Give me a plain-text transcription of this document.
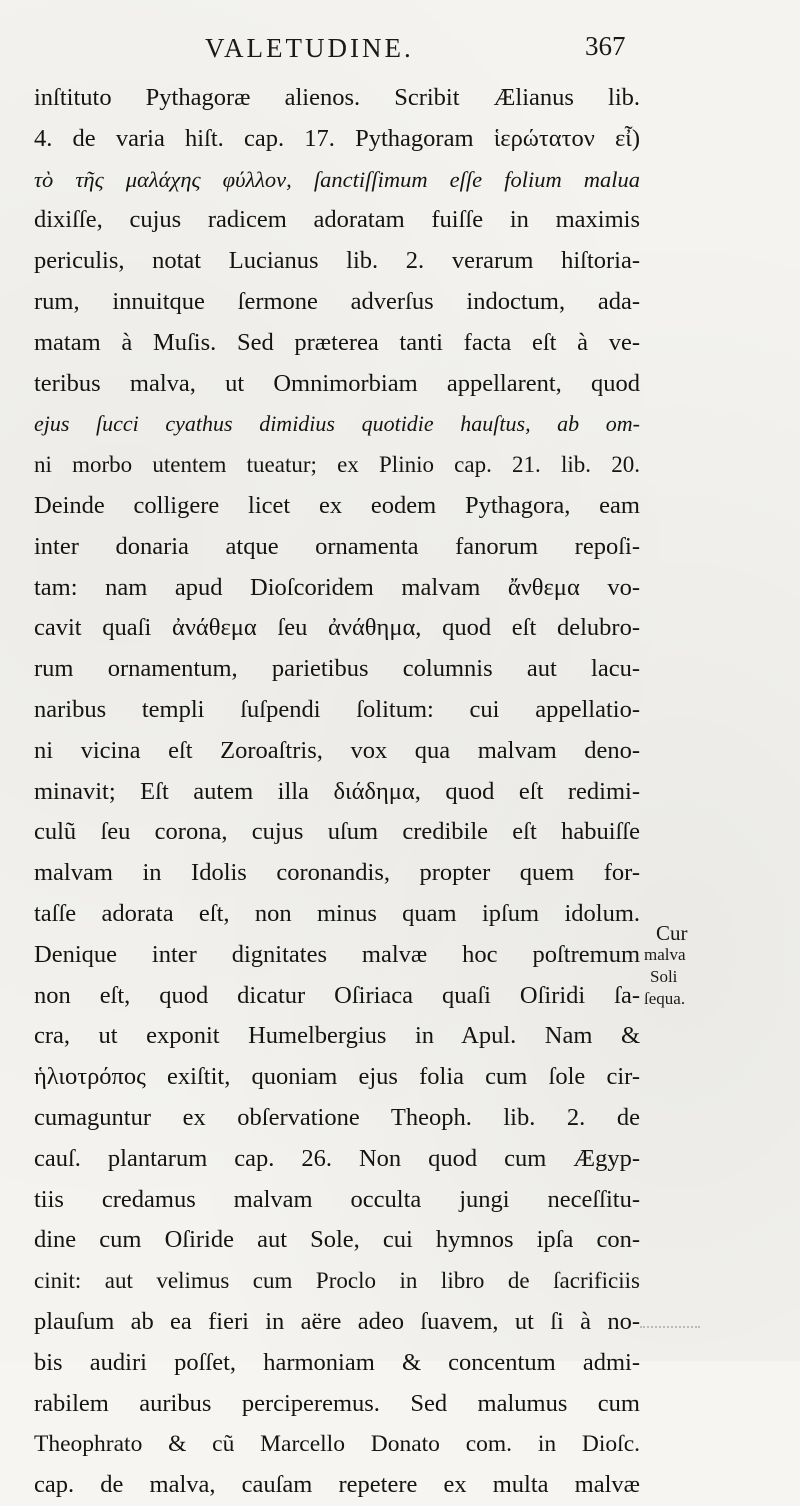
VALETUDINE.	367
inſtituto Pythagoræ alienos. Scribit Ælianus lib.
4. de varia hiſt. cap. 17. Pythagoram ἱερώτατον εἶ)
τὸ τῆς μαλάχης φύλλον, ſanctiſſimum eſſe folium malua
dixiſſe, cujus radicem adoratam fuiſſe in maximis
periculis, notat Lucianus lib. 2. verarum hiſtoria-
rum, innuitque ſermone adverſus indoctum, ada-
matam à Muſis. Sed præterea tanti facta eſt à ve-
teribus malva, ut Omnimorbiam appellarent, quod
ejus ſucci cyathus dimidius quotidie hauſtus, ab om-
ni morbo utentem tueatur; ex Plinio cap. 21. lib. 20.
Deinde colligere licet ex eodem Pythagora, eam
inter donaria atque ornamenta fanorum repoſi-
tam: nam apud Dioſcoridem malvam ἄνθεμα vo-
cavit quaſi ἀνάθεμα ſeu ἀνάθημα, quod eſt delubro-
rum ornamentum, parietibus columnis aut lacu-
naribus templi ſuſpendi ſolitum: cui appellatio-
ni vicina eſt Zoroaſtris, vox qua malvam deno-
minavit; Eſt autem illa διάδημα, quod eſt redimi-
culũ ſeu corona, cujus uſum credibile eſt habuiſſe
malvam in Idolis coronandis, propter quem for-
taſſe adorata eſt, non minus quam ipſum idolum.
Denique inter dignitates malvæ hoc poſtremum
non eſt, quod dicatur Oſiriaca quaſi Oſiridi ſa-
cra, ut exponit Humelbergius in Apul. Nam &
ἡλιοτρόπος exiſtit, quoniam ejus folia cum ſole cir-
cumaguntur ex obſervatione Theoph. lib. 2. de
cauſ. plantarum cap. 26. Non quod cum Ægyp-
tiis credamus malvam occulta jungi neceſſitu-
dine cum Oſiride aut Sole, cui hymnos ipſa con-
cinit: aut velimus cum Proclo in libro de ſacrificiis
plauſum ab ea fieri in aëre adeo ſuavem, ut ſi à no-
bis audiri poſſet, harmoniam & concentum admi-
rabilem auribus perciperemus. Sed malumus cum
Theophrato & cũ Marcello Donato com. in Dioſc.
cap. de malva, cauſam repetere ex multa malvæ
Cur
malva
Soli
ſequa.
